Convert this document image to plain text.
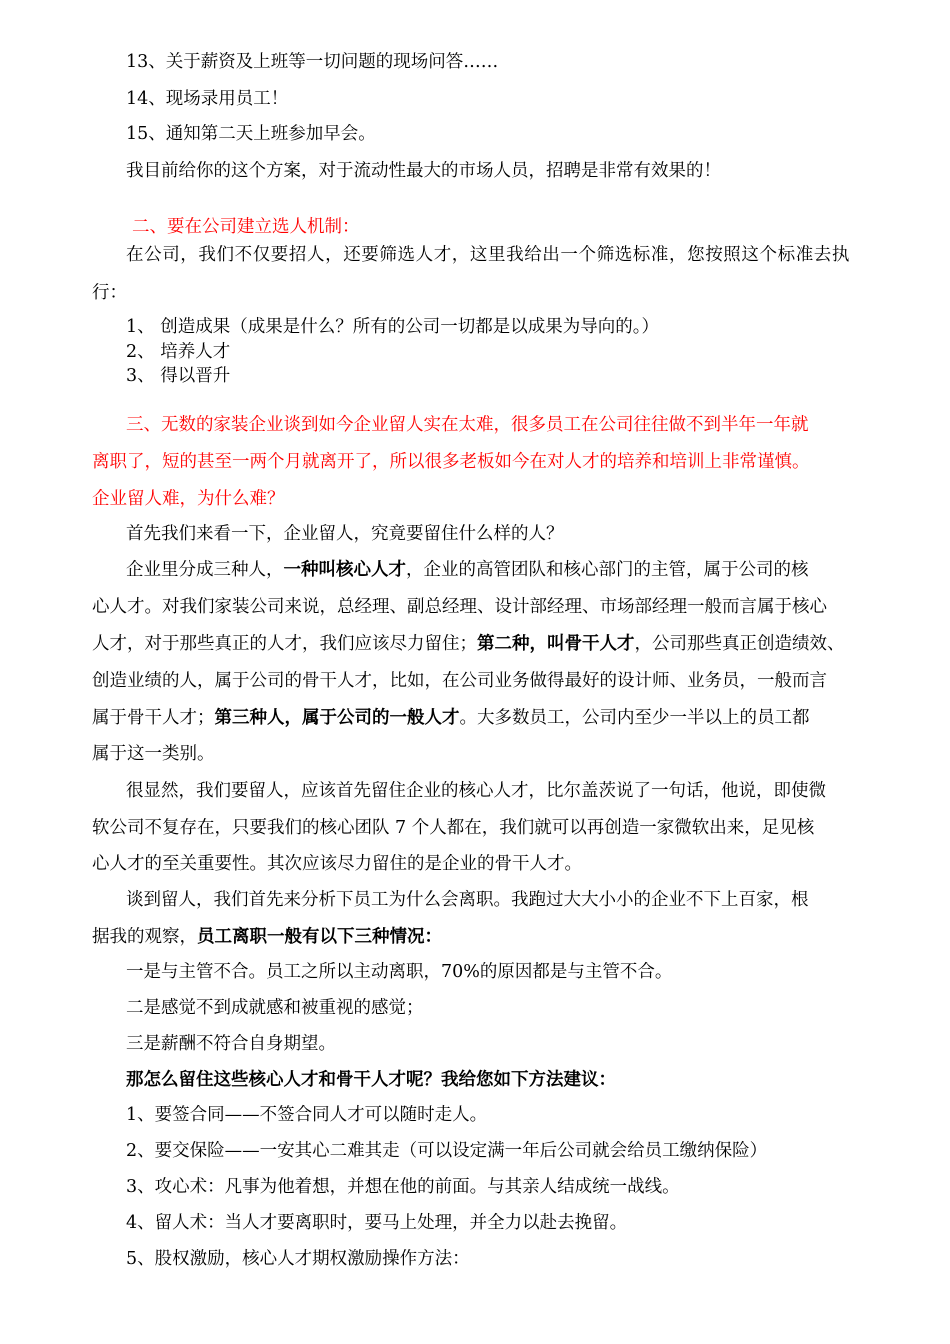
13、关于薪资及上班等一切问题的现场问答……
14、现场录用员工！
15、通知第二天上班参加早会。
我目前给你的这个方案，对于流动性最大的市场人员，招聘是非常有效果的！
二、要在公司建立选人机制：
在公司，我们不仅要招人，还要筛选人才，这里我给出一个筛选标准，您按照这个标准去执
行：
1、 创造成果（成果是什么？所有的公司一切都是以成果为导向的。）
2、 培养人才
3、 得以晋升
三、无数的家装企业谈到如今企业留人实在太难，很多员工在公司往往做不到半年一年就
离职了，短的甚至一两个月就离开了，所以很多老板如今在对人才的培养和培训上非常谨慎。
企业留人难，为什么难？
首先我们来看一下，企业留人，究竟要留住什么样的人？
企业里分成三种人，一种叫核心人才，企业的高管团队和核心部门的主管，属于公司的核
心人才。对我们家装公司来说，总经理、副总经理、设计部经理、市场部经理一般而言属于核心
人才，对于那些真正的人才，我们应该尽力留住；第二种，叫骨干人才，公司那些真正创造绩效、
创造业绩的人，属于公司的骨干人才，比如，在公司业务做得最好的设计师、业务员，一般而言
属于骨干人才；第三种人，属于公司的一般人才。大多数员工，公司内至少一半以上的员工都
属于这一类别。
很显然，我们要留人，应该首先留住企业的核心人才，比尔盖茨说了一句话，他说，即使微
软公司不复存在，只要我们的核心团队 7 个人都在，我们就可以再创造一家微软出来，足见核
心人才的至关重要性。其次应该尽力留住的是企业的骨干人才。
谈到留人，我们首先来分析下员工为什么会离职。我跑过大大小小的企业不下上百家，根
据我的观察，员工离职一般有以下三种情况：
一是与主管不合。员工之所以主动离职，70%的原因都是与主管不合。
二是感觉不到成就感和被重视的感觉；
三是薪酬不符合自身期望。
那怎么留住这些核心人才和骨干人才呢？我给您如下方法建议：
1、要签合同——不签合同人才可以随时走人。
2、要交保险——一安其心二难其走（可以设定满一年后公司就会给员工缴纳保险）
3、攻心术：凡事为他着想，并想在他的前面。与其亲人结成统一战线。
4、留人术：当人才要离职时，要马上处理，并全力以赴去挽留。
5、股权激励，核心人才期权激励操作方法：
